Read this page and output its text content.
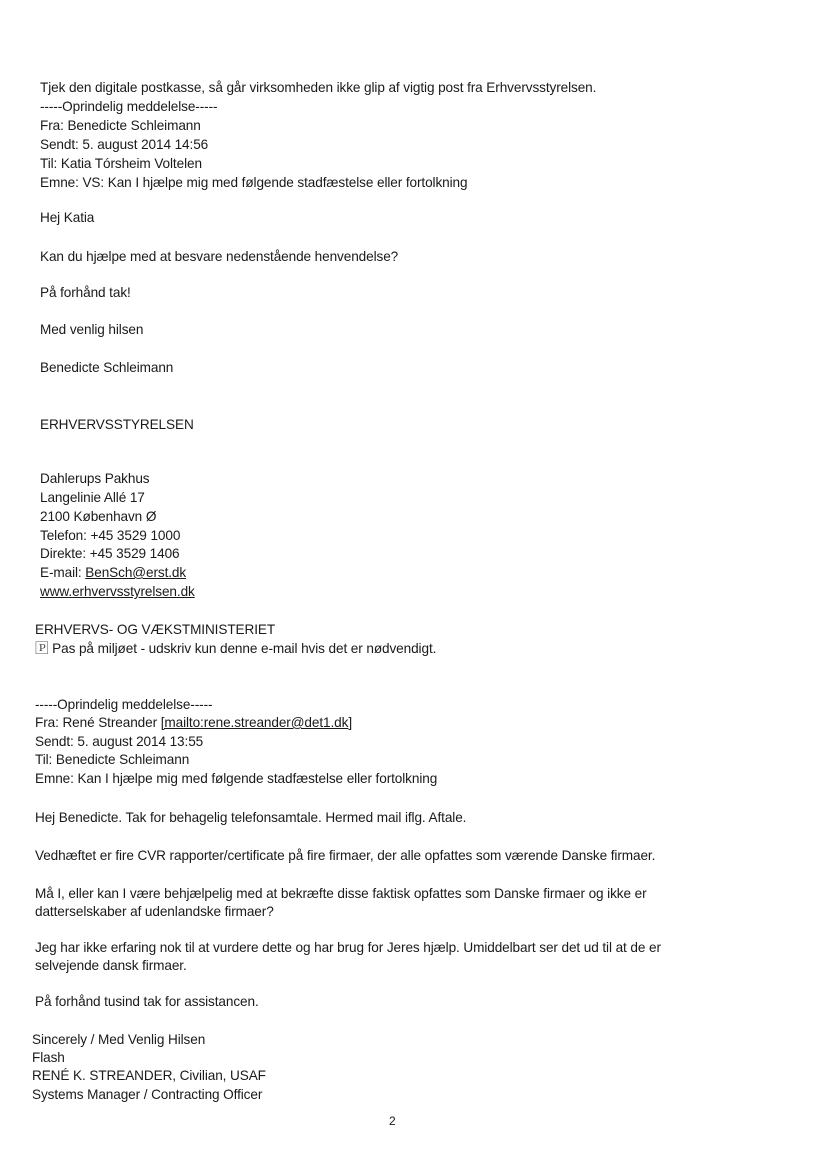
Tjek den digitale postkasse, så går virksomheden ikke glip af vigtig post fra Erhvervsstyrelsen.
-----Oprindelig meddelelse-----
Fra: Benedicte Schleimann
Sendt: 5. august 2014 14:56
Til: Katia Tórsheim Voltelen
Emne: VS: Kan I hjælpe mig med følgende stadfæstelse eller fortolkning
Hej Katia
Kan du hjælpe med at besvare nedenstående henvendelse?
På forhånd tak!
Med venlig hilsen
Benedicte Schleimann
ERHVERVSSTYRELSEN
Dahlerups Pakhus
Langelinie Allé 17
2100 København Ø
Telefon: +45 3529 1000
Direkte: +45 3529 1406
E-mail: BenSch@erst.dk
www.erhvervsstyrelsen.dk
ERHVERVS- OG VÆKSTMINISTERIET
🄿 Pas på miljøet - udskriv kun denne e-mail hvis det er nødvendigt.
-----Oprindelig meddelelse-----
Fra: René Streander [mailto:rene.streander@det1.dk]
Sendt: 5. august 2014 13:55
Til: Benedicte Schleimann
Emne: Kan I hjælpe mig med følgende stadfæstelse eller fortolkning
Hej Benedicte. Tak for behagelig telefonsamtale. Hermed mail iflg. Aftale.
Vedhæftet er fire CVR rapporter/certificate på fire firmaer, der alle opfattes som værende Danske firmaer.
Må I, eller kan I være behjælpelig med at bekræfte disse faktisk opfattes som Danske firmaer og ikke er
datterselskaber af udenlandske firmaer?
Jeg har ikke erfaring nok til at vurdere dette og har brug for Jeres hjælp. Umiddelbart ser det ud til at de er
selvejende dansk firmaer.
På forhånd tusind tak for assistancen.
Sincerely / Med Venlig Hilsen
Flash
RENÉ K. STREANDER, Civilian, USAF
Systems Manager / Contracting Officer
2
